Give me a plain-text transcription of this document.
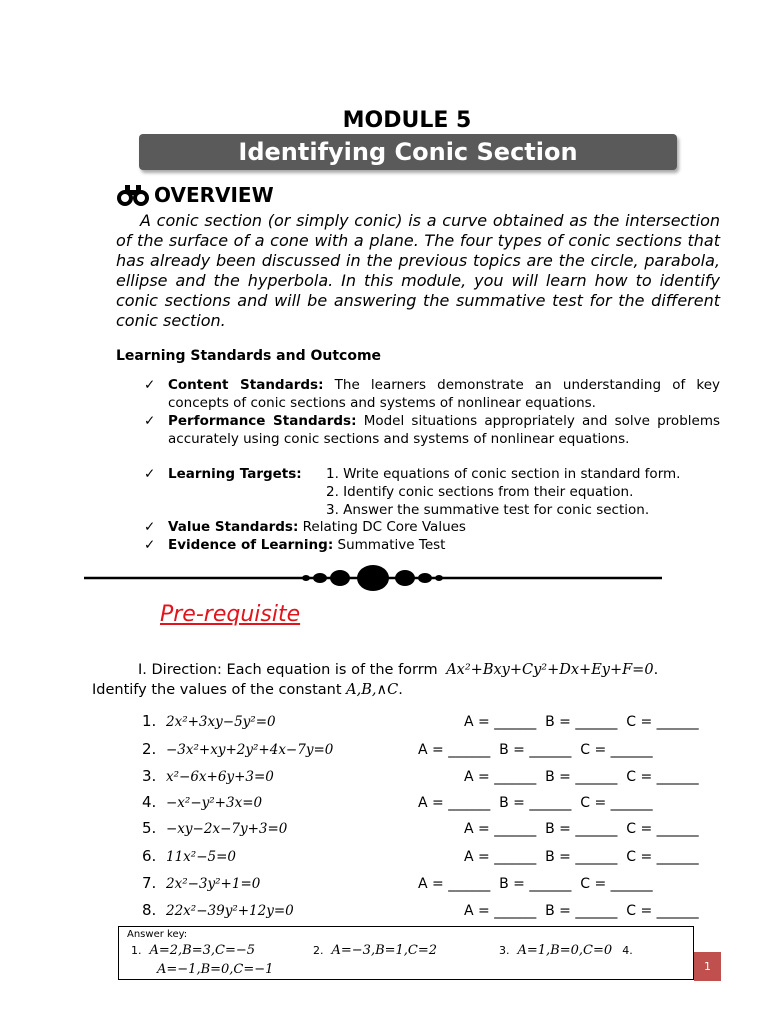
MODULE 5
Identifying Conic Section
OVERVIEW
A conic section (or simply conic) is a curve obtained as the intersection of the surface of a cone with a plane. The four types of conic sections that has already been discussed in the previous topics are the circle, parabola, ellipse and the hyperbola. In this module, you will learn how to identify conic sections and will be answering the summative test for the different conic section.
Learning Standards and Outcome
✓ Content Standards: The learners demonstrate an understanding of key concepts of conic sections and systems of nonlinear equations.
✓ Performance Standards: Model situations appropriately and solve problems accurately using conic sections and systems of nonlinear equations.
✓ Learning Targets:	1. Write equations of conic section in standard form.
2. Identify conic sections from their equation.
3. Answer the summative test for conic section.
✓ Value Standards: Relating DC Core Values
✓ Evidence of Learning: Summative Test
Pre-requisite
I. Direction: Each equation is of the forrm Ax²+Bxy+Cy²+Dx+Ey+F=0.
Identify the values of the constant A,B,∧C.
1. 2x²+3xy−5y²=0	A = ______  B = ______  C = ______
2. −3x²+xy+2y²+4x−7y=0	A = ______  B = ______  C = ______
3. x²−6x+6y+3=0	A = ______  B = ______  C = ______
4. −x²−y²+3x=0	A = ______  B = ______  C = ______
5. −xy−2x−7y+3=0	A = ______  B = ______  C = ______
6. 11x²−5=0	A = ______  B = ______  C = ______
7. 2x²−3y²+1=0	A = ______  B = ______  C = ______
8. 22x²−39y²+12y=0	A = ______  B = ______  C = ______
Answer key:
1. A=2,B=3,C=−5	2. A=−3,B=1,C=2	3. A=1,B=0,C=0 4.
A=−1,B=0,C=−1	1
